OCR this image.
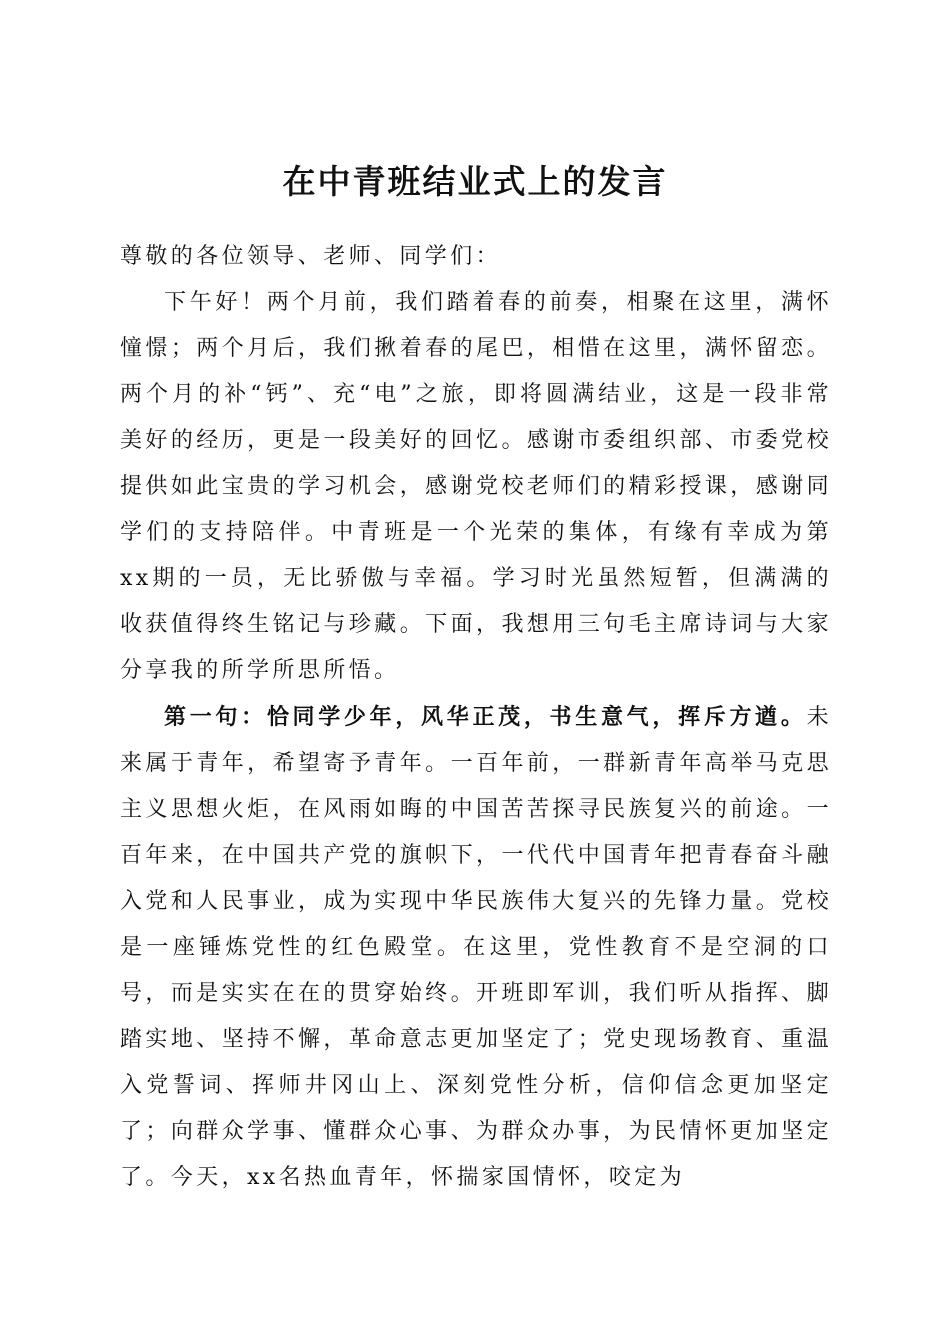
在中青班结业式上的发言

尊敬的各位领导、老师、同学们：

下午好！两个月前，我们踏着春的前奏，相聚在这里，满怀憧憬；两个月后，我们揪着春的尾巴，相惜在这里，满怀留恋。两个月的补“钙”、充“电”之旅，即将圆满结业，这是一段非常美好的经历，更是一段美好的回忆。感谢市委组织部、市委党校提供如此宝贵的学习机会，感谢党校老师们的精彩授课，感谢同学们的支持陪伴。中青班是一个光荣的集体，有缘有幸成为第xx期的一员，无比骄傲与幸福。学习时光虽然短暂，但满满的收获值得终生铭记与珍藏。下面，我想用三句毛主席诗词与大家分享我的所学所思所悟。

第一句：恰同学少年，风华正茂，书生意气，挥斥方遒。未来属于青年，希望寄予青年。一百年前，一群新青年高举马克思主义思想火炬，在风雨如晦的中国苦苦探寻民族复兴的前途。一百年来，在中国共产党的旗帜下，一代代中国青年把青春奋斗融入党和人民事业，成为实现中华民族伟大复兴的先锋力量。党校是一座锤炼党性的红色殿堂。在这里，党性教育不是空洞的口号，而是实实在在的贯穿始终。开班即军训，我们听从指挥、脚踏实地、坚持不懈，革命意志更加坚定了；党史现场教育、重温入党誓词、挥师井冈山上、深刻党性分析，信仰信念更加坚定了；向群众学事、懂群众心事、为群众办事，为民情怀更加坚定了。今天，xx名热血青年，怀揣家国情怀，咬定为
